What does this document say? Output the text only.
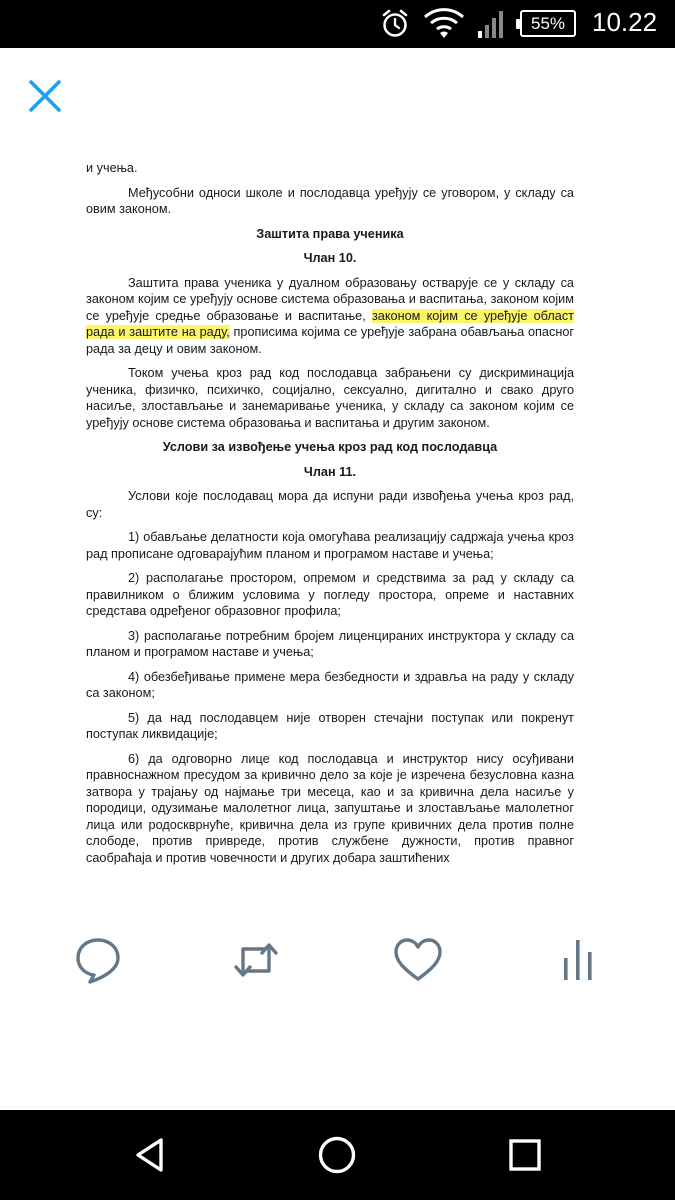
55% 10.22

и учења.

Међусобни односи школе и послодавца уређују се уговором, у складу са овим законом.

Заштита права ученика

Члан 10.

Заштита права ученика у дуалном образовању остварује се у складу са законом којим се уређују основе система образовања и васпитања, законом којим се уређује средње образовање и васпитање, законом којим се уређује област рада и заштите на раду, прописима којима се уређује забрана обављања опасног рада за децу и овим законом.

Током учења кроз рад код послодавца забрањени су дискриминација ученика, физичко, психичко, социјално, сексуално, дигитално и свако друго насиље, злостављање и занемаривање ученика, у складу са законом којим се уређују основе система образовања и васпитања и другим законом.

Услови за извођење учења кроз рад код послодавца

Члан 11.

Услови које послодавац мора да испуни ради извођења учења кроз рад, су:

1) обављање делатности која омогућава реализацију садржаја учења кроз рад прописане одговарајућим планом и програмом наставе и учења;

2) располагање простором, опремом и средствима за рад у складу са правилником о ближим условима у погледу простора, опреме и наставних средстава одређеног образовног профила;

3) располагање потребним бројем лиценцираних инструктора у складу са планом и програмом наставе и учења;

4) обезбеђивање примене мера безбедности и здравља на раду у складу са законом;

5) да над послодавцем није отворен стечајни поступак или покренут поступак ликвидације;

6) да одговорно лице код послодавца и инструктор нису осуђивани правноснажном пресудом за кривично дело за које је изречена безусловна казна затвора у трајању од најмање три месеца, као и за кривична дела насиље у породици, одузимање малолетног лица, запуштање и злостављање малолетног лица или родоскврнуће, кривична дела из групе кривичних дела против полне слободе, против привреде, против службене дужности, против правног саобраћаја и против човечности и других добара заштићених
